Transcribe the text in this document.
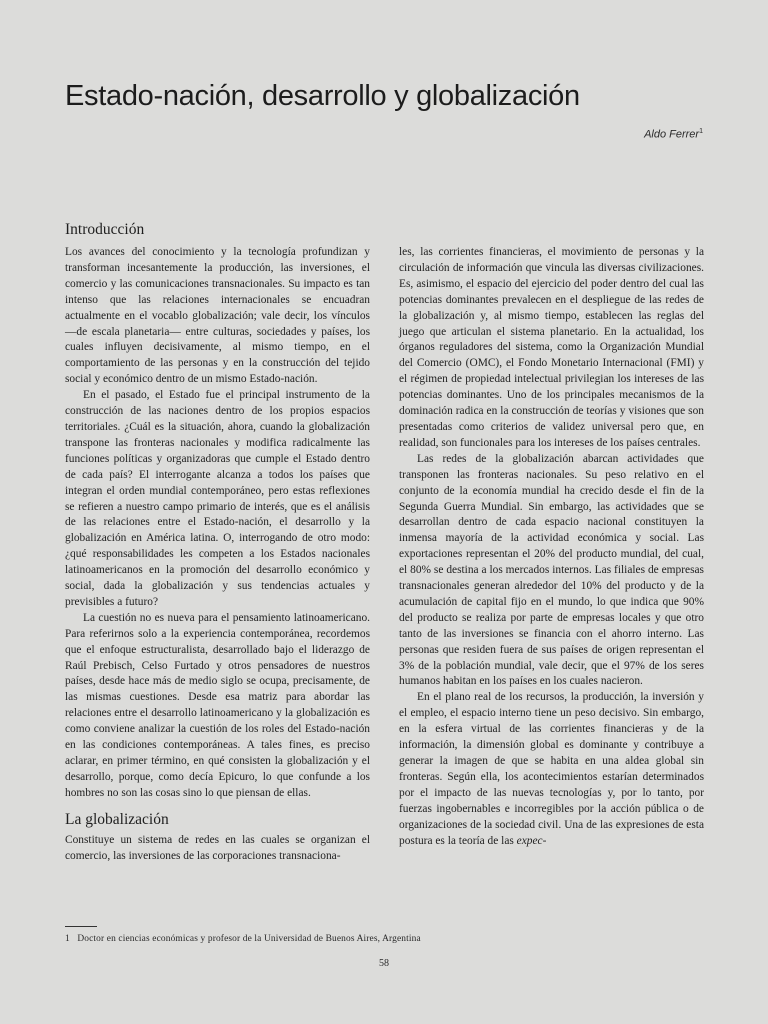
Estado-nación, desarrollo y globalización
Aldo Ferrer$^1$
Introducción

Los avances del conocimiento y la tecnología profundizan y transforman incesantemente la producción, las inversiones, el comercio y las comunicaciones transnacionales. Su impacto es tan intenso que las relaciones internacionales se encuadran actualmente en el vocablo globalización; vale decir, los vínculos —de escala planetaria— entre culturas, sociedades y países, los cuales influyen decisivamente, al mismo tiempo, en el comportamiento de las personas y en la construcción del tejido social y económico dentro de un mismo Estado-nación.

En el pasado, el Estado fue el principal instrumento de la construcción de las naciones dentro de los propios espacios territoriales. ¿Cuál es la situación, ahora, cuando la globalización transpone las fronteras nacionales y modifica radicalmente las funciones políticas y organizadoras que cumple el Estado dentro de cada país? El interrogante alcanza a todos los países que integran el orden mundial contemporáneo, pero estas reflexiones se refieren a nuestro campo primario de interés, que es el análisis de las relaciones entre el Estado-nación, el desarrollo y la globalización en América latina. O, interrogando de otro modo: ¿qué responsabilidades les competen a los Estados nacionales latinoamericanos en la promoción del desarrollo económico y social, dada la globalización y sus tendencias actuales y previsibles a futuro?

La cuestión no es nueva para el pensamiento latinoamericano. Para referirnos solo a la experiencia contemporánea, recordemos que el enfoque estructuralista, desarrollado bajo el liderazgo de Raúl Prebisch, Celso Furtado y otros pensadores de nuestros países, desde hace más de medio siglo se ocupa, precisamente, de las mismas cuestiones. Desde esa matriz para abordar las relaciones entre el desarrollo latinoamericano y la globalización es como conviene analizar la cuestión de los roles del Estado-nación en las condiciones contemporáneas. A tales fines, es preciso aclarar, en primer término, en qué consisten la globalización y el desarrollo, porque, como decía Epicuro, lo que confunde a los hombres no son las cosas sino lo que piensan de ellas.

La globalización

Constituye un sistema de redes en las cuales se organizan el comercio, las inversiones de las corporaciones transnaciona-

les, las corrientes financieras, el movimiento de personas y la circulación de información que vincula las diversas civilizaciones. Es, asimismo, el espacio del ejercicio del poder dentro del cual las potencias dominantes prevalecen en el despliegue de las redes de la globalización y, al mismo tiempo, establecen las reglas del juego que articulan el sistema planetario. En la actualidad, los órganos reguladores del sistema, como la Organización Mundial del Comercio (OMC), el Fondo Monetario Internacional (FMI) y el régimen de propiedad intelectual privilegian los intereses de las potencias dominantes. Uno de los principales mecanismos de la dominación radica en la construcción de teorías y visiones que son presentadas como criterios de validez universal pero que, en realidad, son funcionales para los intereses de los países centrales.

Las redes de la globalización abarcan actividades que transponen las fronteras nacionales. Su peso relativo en el conjunto de la economía mundial ha crecido desde el fin de la Segunda Guerra Mundial. Sin embargo, las actividades que se desarrollan dentro de cada espacio nacional constituyen la inmensa mayoría de la actividad económica y social. Las exportaciones representan el 20% del producto mundial, del cual, el 80% se destina a los mercados internos. Las filiales de empresas transnacionales generan alrededor del 10% del producto y de la acumulación de capital fijo en el mundo, lo que indica que 90% del producto se realiza por parte de empresas locales y que otro tanto de las inversiones se financia con el ahorro interno. Las personas que residen fuera de sus países de origen representan el 3% de la población mundial, vale decir, que el 97% de los seres humanos habitan en los países en los cuales nacieron.

En el plano real de los recursos, la producción, la inversión y el empleo, el espacio interno tiene un peso decisivo. Sin embargo, en la esfera virtual de las corrientes financieras y de la información, la dimensión global es dominante y contribuye a generar la imagen de que se habita en una aldea global sin fronteras. Según ella, los acontecimientos estarían determinados por el impacto de las nuevas tecnologías y, por lo tanto, por fuerzas ingobernables e incorregibles por la acción pública o de organizaciones de la sociedad civil. Una de las expresiones de esta postura es la teoría de las expec-

1 Doctor en ciencias económicas y profesor de la Universidad de Buenos Aires, Argentina
58
